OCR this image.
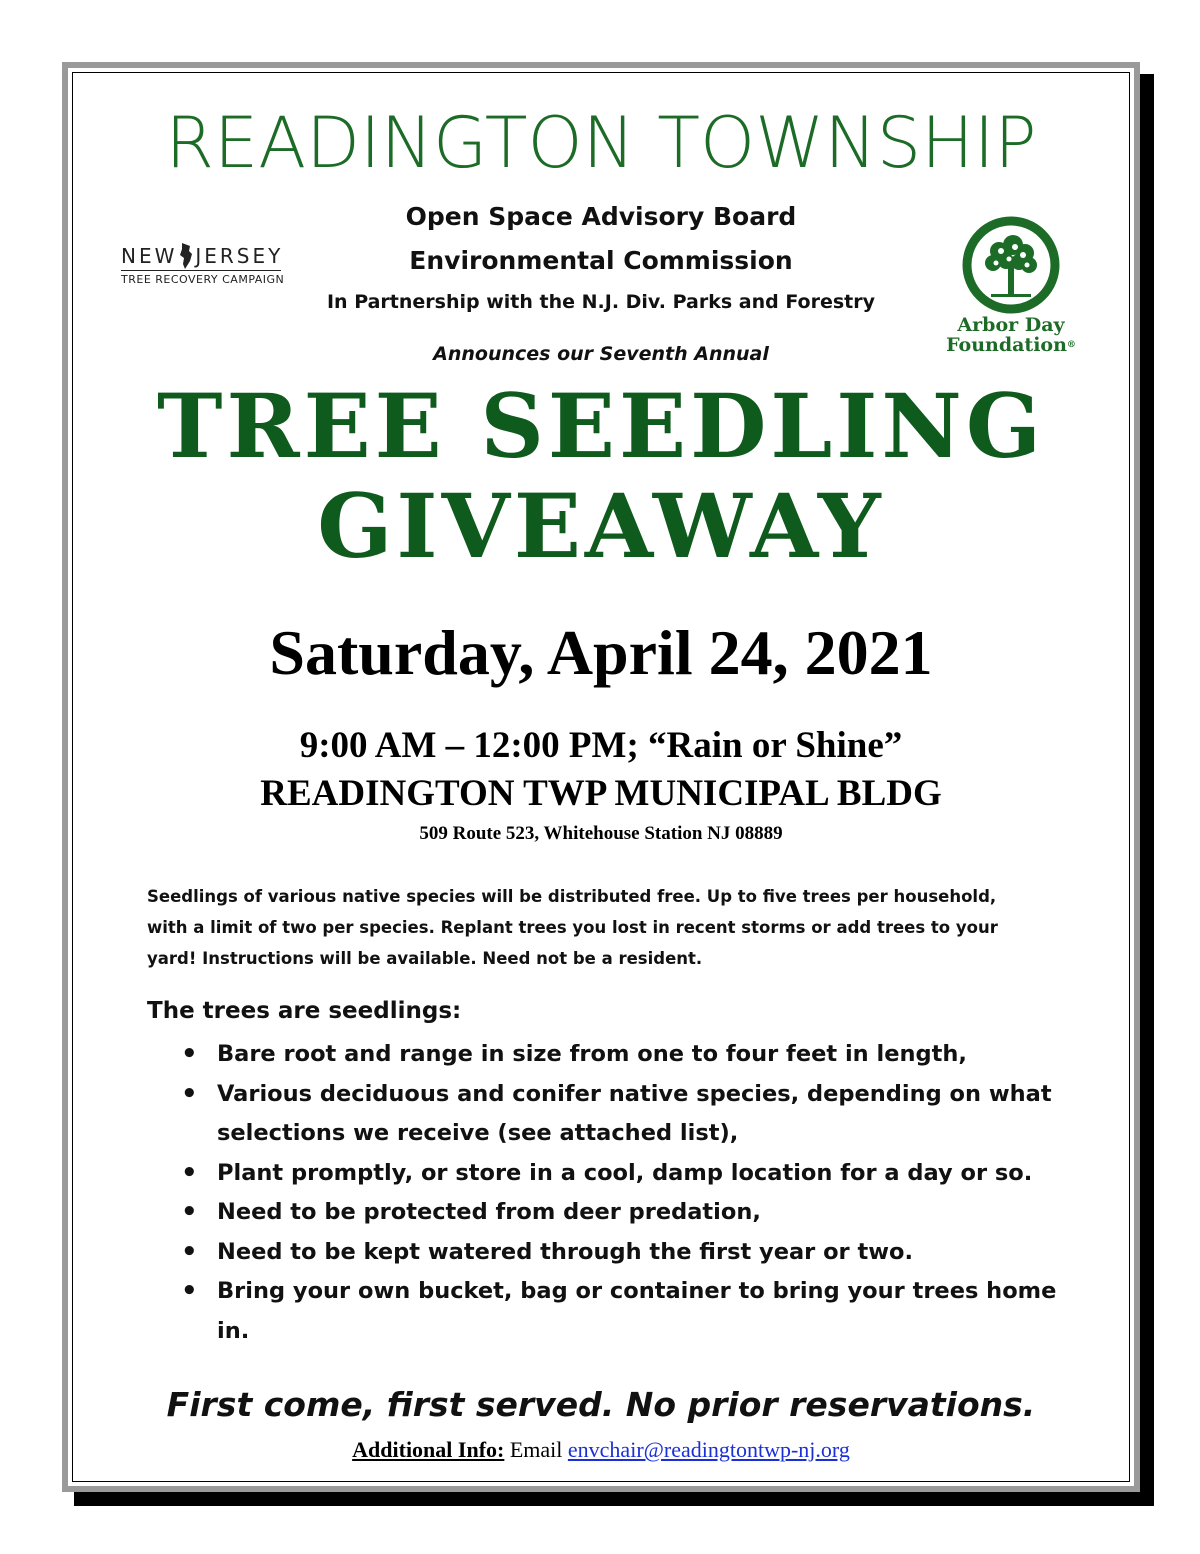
READINGTON TOWNSHIP
NEW JERSEY
TREE RECOVERY CAMPAIGN
Arbor Day
Foundation®
Open Space Advisory Board
Environmental Commission
In Partnership with the N.J. Div. Parks and Forestry
Announces our Seventh Annual
TREE SEEDLING
GIVEAWAY
Saturday, April 24, 2021
9:00 AM – 12:00 PM; “Rain or Shine”
READINGTON TWP MUNICIPAL BLDG
509 Route 523, Whitehouse Station NJ 08889
Seedlings of various native species will be distributed free. Up to five trees per household,
with a limit of two per species. Replant trees you lost in recent storms or add trees to your
yard! Instructions will be available. Need not be a resident.
The trees are seedlings:
• Bare root and range in size from one to four feet in length,
• Various deciduous and conifer native species, depending on what selections we receive (see attached list),
• Plant promptly, or store in a cool, damp location for a day or so.
• Need to be protected from deer predation,
• Need to be kept watered through the first year or two.
• Bring your own bucket, bag or container to bring your trees home in.
First come, first served. No prior reservations.
Additional Info: Email envchair@readingtontwp-nj.org
